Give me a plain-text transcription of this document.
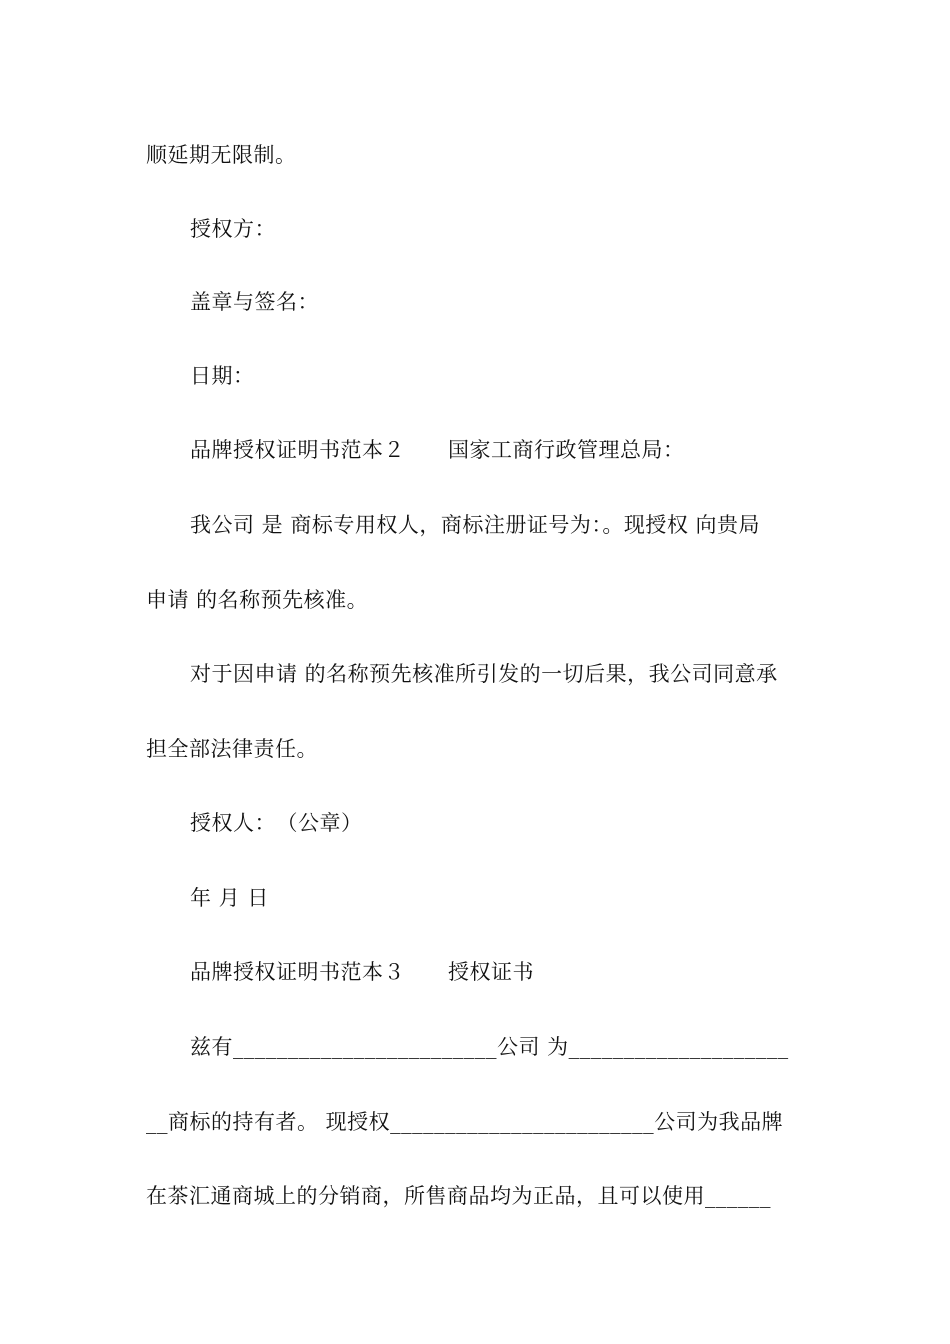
顺延期无限制。
授权方：
盖章与签名：
日期：
品牌授权证明书范本２　　国家工商行政管理总局：
我公司 是 商标专用权人，商标注册证号为：。现授权 向贵局
申请 的名称预先核准。
对于因申请 的名称预先核准所引发的一切后果，我公司同意承
担全部法律责任。
授权人：　（公章）
年 月 日
品牌授权证明书范本３　　授权证书
兹有________________________公司 为____________________
__商标的持有者。 现授权________________________公司为我品牌
在茶汇通商城上的分销商，所售商品均为正品，且可以使用______
